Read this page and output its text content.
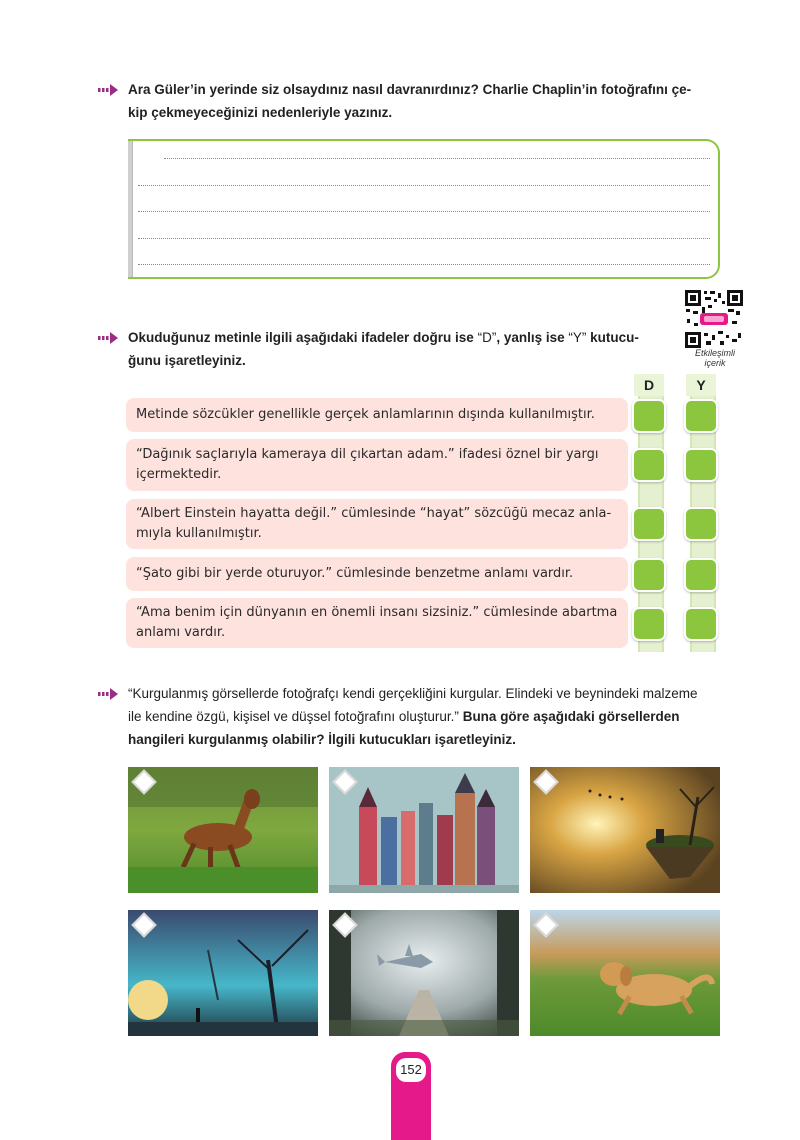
Ara Güler’in yerinde siz olsaydınız nasıl davranırdınız? Charlie Chaplin’in fotoğrafını çe-
kip çekmeyeceğinizi nedenleriyle yazınız.
Etkileşimli
içerik
Okuduğunuz metinle ilgili aşağıdaki ifadeler doğru ise “D”, yanlış ise “Y” kutucu-
ğunu işaretleyiniz.
D	Y
Metinde sözcükler genellikle gerçek anlamlarının dışında kullanılmıştır.
“Dağınık saçlarıyla kameraya dil çıkartan adam.” ifadesi öznel bir yargı
içermektedir.
“Albert Einstein hayatta değil.” cümlesinde “hayat” sözcüğü mecaz anla-
mıyla kullanılmıştır.
“Şato gibi bir yerde oturuyor.” cümlesinde benzetme anlamı vardır.
“Ama benim için dünyanın en önemli insanı sizsiniz.” cümlesinde abartma
anlamı vardır.
“Kurgulanmış görsellerde fotoğrafçı kendi gerçekliğini kurgular. Elindeki ve beynindeki malzeme
ile kendine özgü, kişisel ve düşsel fotoğrafını oluşturur.” Buna göre aşağıdaki görsellerden
hangileri kurgulanmış olabilir? İlgili kutucukları işaretleyiniz.
152
